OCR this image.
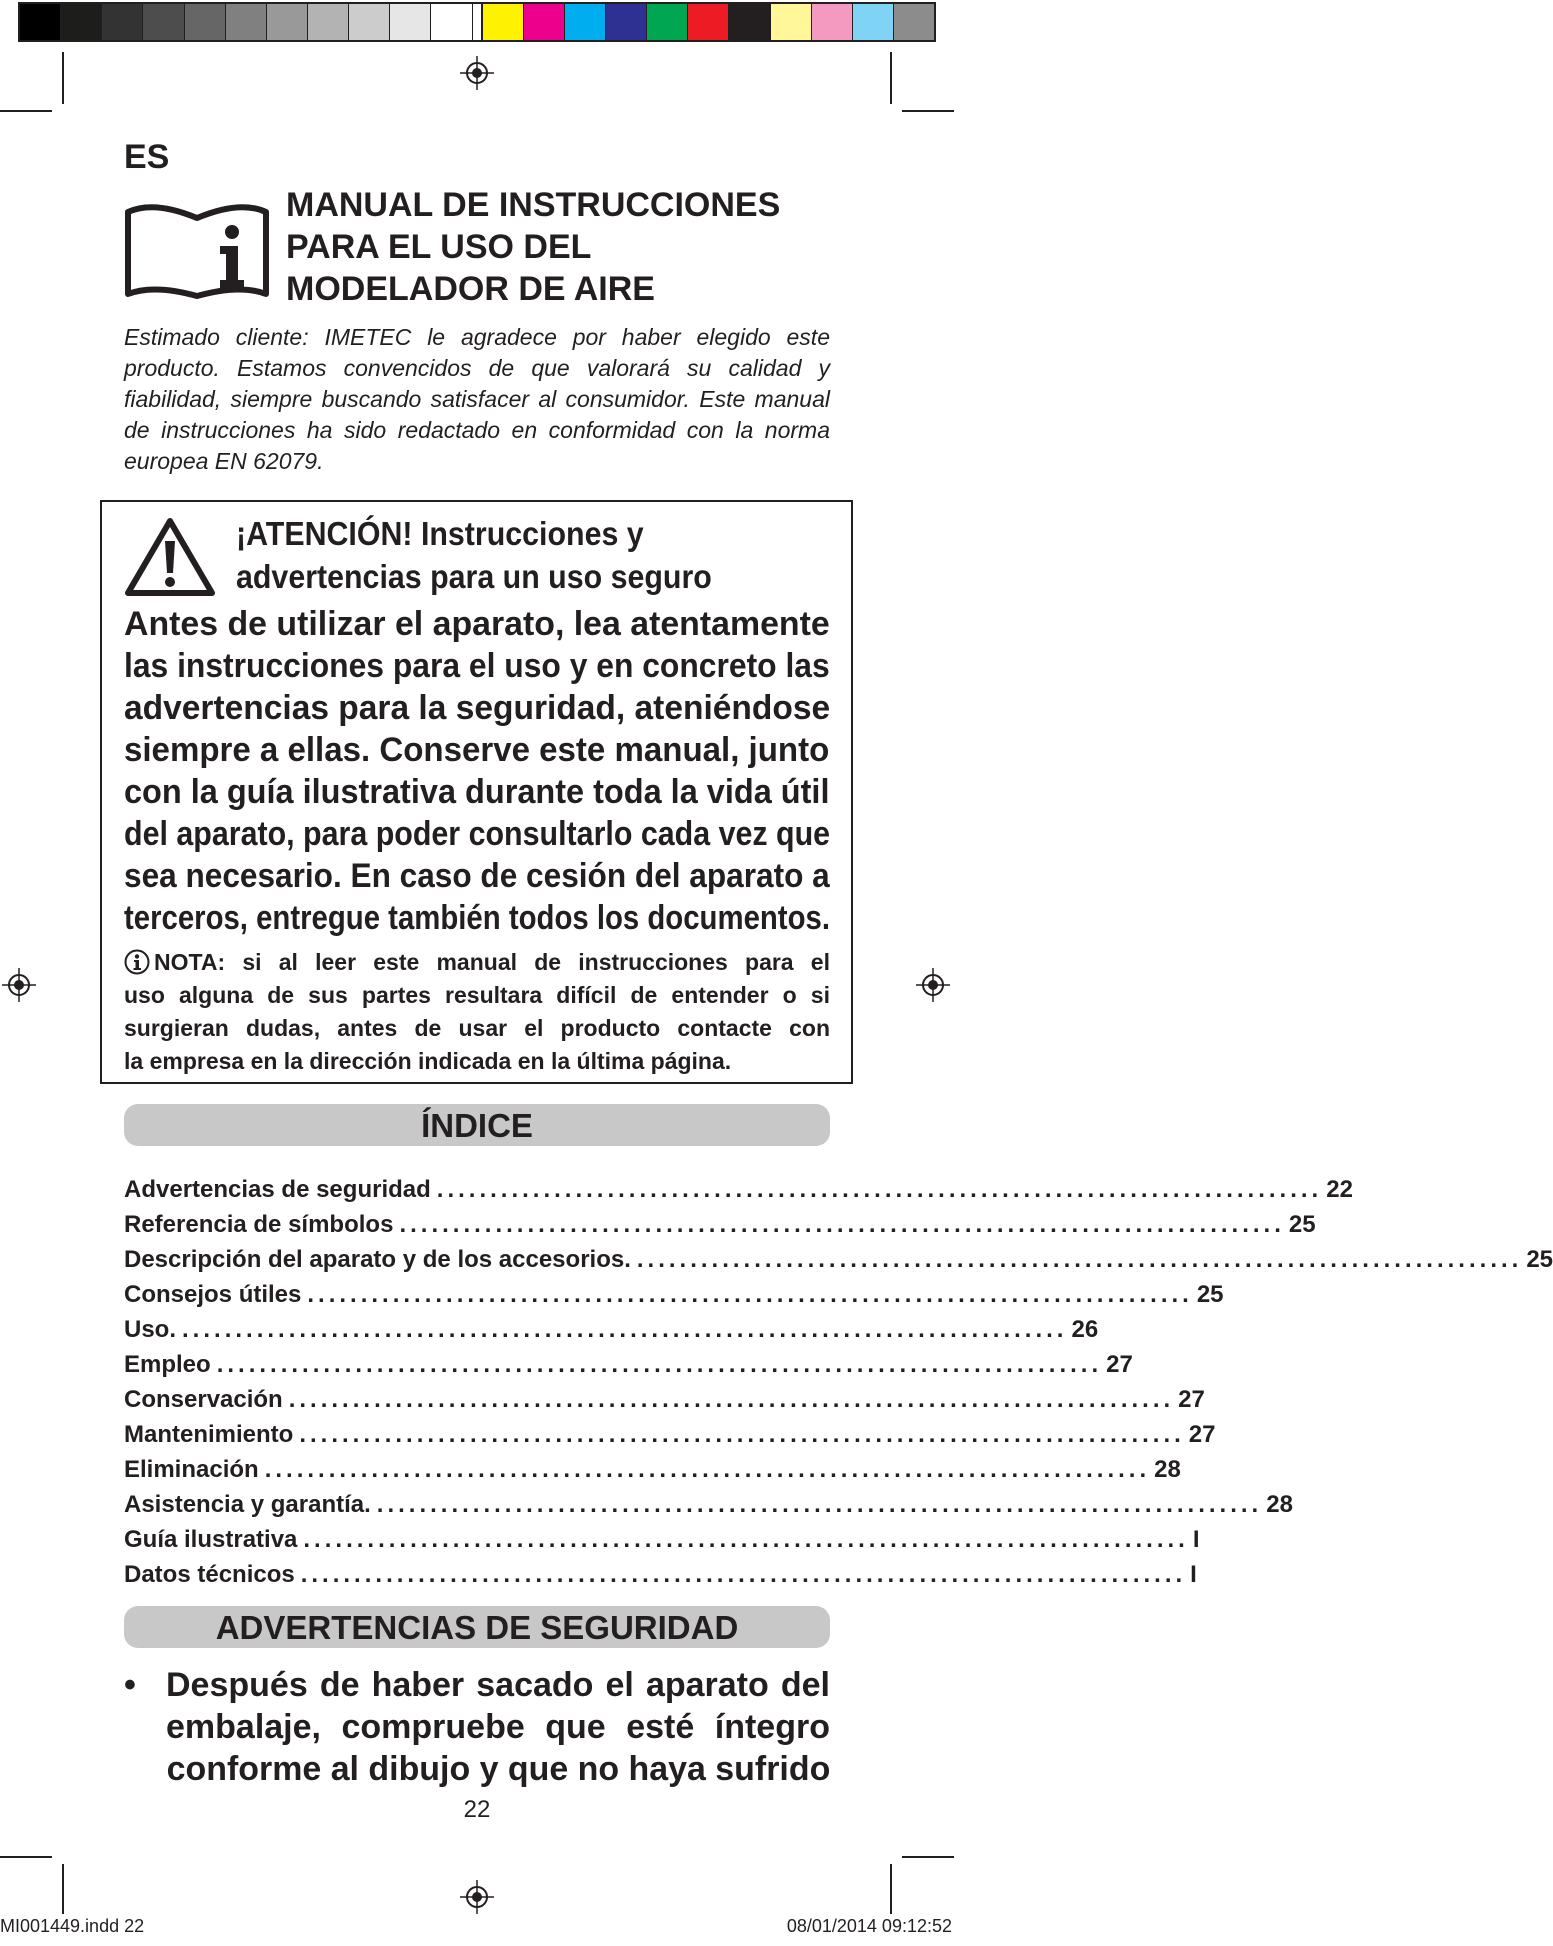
ES
MANUAL DE INSTRUCCIONES
PARA EL USO DEL
MODELADOR DE AIRE
Estimado cliente: IMETEC le agradece por haber elegido este
producto. Estamos convencidos de que valorará su calidad y
fiabilidad, siempre buscando satisfacer al consumidor. Este manual
de instrucciones ha sido redactado en conformidad con la norma
europea EN 62079.
¡ATENCIÓN! Instrucciones y
advertencias para un uso seguro
Antes de utilizar el aparato, lea atentamente
las instrucciones para el uso y en concreto las
advertencias para la seguridad, ateniéndose
siempre a ellas. Conserve este manual, junto
con la guía ilustrativa durante toda la vida útil
del aparato, para poder consultarlo cada vez que
sea necesario. En caso de cesión del aparato a
terceros, entregue también todos los documentos.
NOTA: si al leer este manual de instrucciones para el
uso alguna de sus partes resultara difícil de entender o si
surgieran dudas, antes de usar el producto contacte con
la empresa en la dirección indicada en la última página.
ÍNDICE
Advertencias de seguridad ................................................................................... 22
Referencia de símbolos ................................................................................... 25
Descripción del aparato y de los accesorios. ................................................................................... 25
Consejos útiles ................................................................................... 25
Uso. ................................................................................... 26
Empleo ................................................................................... 27
Conservación ................................................................................... 27
Mantenimiento ................................................................................... 27
Eliminación ................................................................................... 28
Asistencia y garantía. ................................................................................... 28
Guía ilustrativa ................................................................................... I
Datos técnicos ................................................................................... I
ADVERTENCIAS DE SEGURIDAD
• Después de haber sacado el aparato del
embalaje, compruebe que esté íntegro
conforme al dibujo y que no haya sufrido
22
MI001449.indd 22	08/01/2014 09:12:52
